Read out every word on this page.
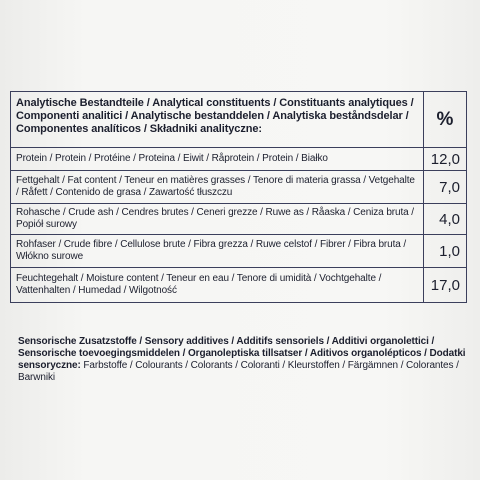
Analytische Bestandteile / Analytical constituents / Constituants analytiques / Componenti analitici / Analytische bestanddelen / Analytiska beståndsdelar / Componentes analíticos / Składniki analityczne:	%
Protein / Protein / Protéine / Proteina / Eiwit / Råprotein / Protein / Białko	12,0
Fettgehalt / Fat content / Teneur en matières grasses / Tenore di materia grassa / Vetgehalte / Råfett / Contenido de grasa / Zawartość tłuszczu	7,0
Rohasche / Crude ash / Cendres brutes / Ceneri grezze / Ruwe as / Råaska / Ceniza bruta / Popiół surowy	4,0
Rohfaser / Crude fibre / Cellulose brute / Fibra grezza / Ruwe celstof / Fibrer / Fibra bruta / Włókno surowe	1,0
Feuchtegehalt / Moisture content / Teneur en eau / Tenore di umidità / Vochtgehalte / Vattenhalten / Humedad / Wilgotność	17,0
Sensorische Zusatzstoffe / Sensory additives / Additifs sensoriels / Additivi organolettici / Sensorische toevoegingsmiddelen / Organoleptiska tillsatser / Aditivos organolépticos / Dodatki sensoryczne: Farbstoffe / Colourants / Colorants / Coloranti / Kleurstoffen / Färgämnen / Colorantes / Barwniki
